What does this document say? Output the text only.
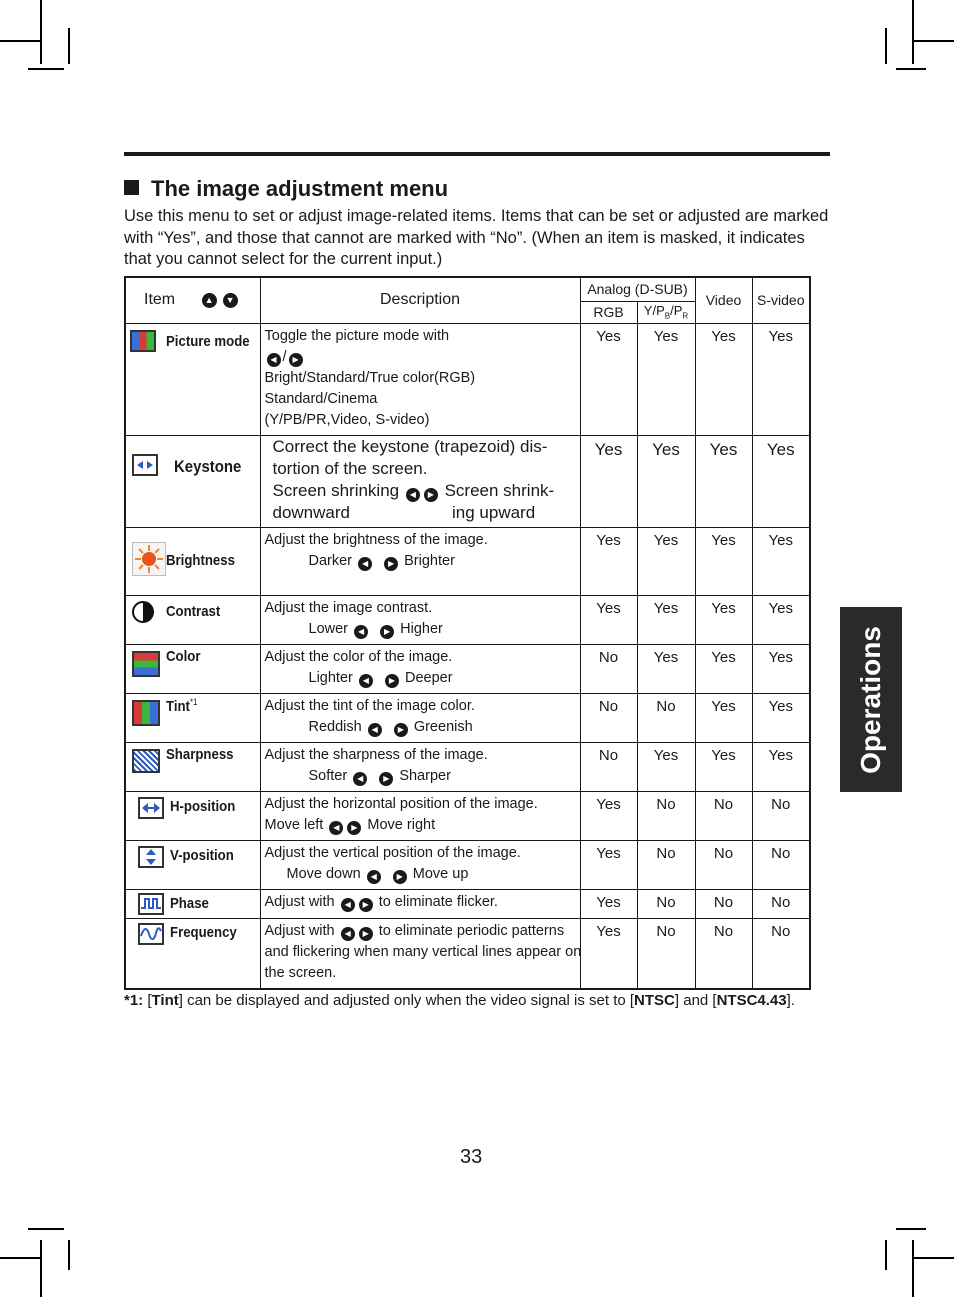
The image adjustment menu
Use this menu to set or adjust image-related items. Items that can be set or adjusted are marked with “Yes”, and those that cannot are marked with “No”. (When an item is masked, it indicates that you cannot select for the current input.)
Item ▲ ▼	Description	Analog (D-SUB)		Video	S-video
		RGB	$Y/P_B/P_R$

Picture mode	Toggle the picture mode with
◀ / ▶
Bright/Standard/True color(RGB)
Standard/Cinema
(Y/PB/PR,Video, S-video)	Yes	Yes	Yes	Yes

Keystone	Correct the keystone (trapezoid) dis-
tortion of the screen.
Screen shrinking ◀ ▶ Screen shrink-
downward ing upward	Yes	Yes	Yes	Yes

Brightness	Adjust the brightness of the image.
Darker ◀ ▶ Brighter	Yes	Yes	Yes	Yes

Contrast	Adjust the image contrast.
Lower ◀ ▶ Higher	Yes	Yes	Yes	Yes

Color	Adjust the color of the image.
Lighter ◀ ▶ Deeper	No	Yes	Yes	Yes

Tint$^{*1}$	Adjust the tint of the image color.
Reddish ◀ ▶ Greenish	No	No	Yes	Yes

Sharpness	Adjust the sharpness of the image.
Softer ◀ ▶ Sharper	No	Yes	Yes	Yes

H-position	Adjust the horizontal position of the image.
Move left ◀ ▶ Move right	Yes	No	No	No

V-position	Adjust the vertical position of the image.
Move down ◀ ▶ Move up	Yes	No	No	No

Phase	Adjust with ◀ ▶ to eliminate flicker.	Yes	No	No	No

Frequency	Adjust with ◀ ▶ to eliminate periodic patterns
and flickering when many vertical lines appear on
the screen.	Yes	No	No	No
*1: [Tint] can be displayed and adjusted only when the video signal is set to [NTSC] and [NTSC4.43].
33
Operations
